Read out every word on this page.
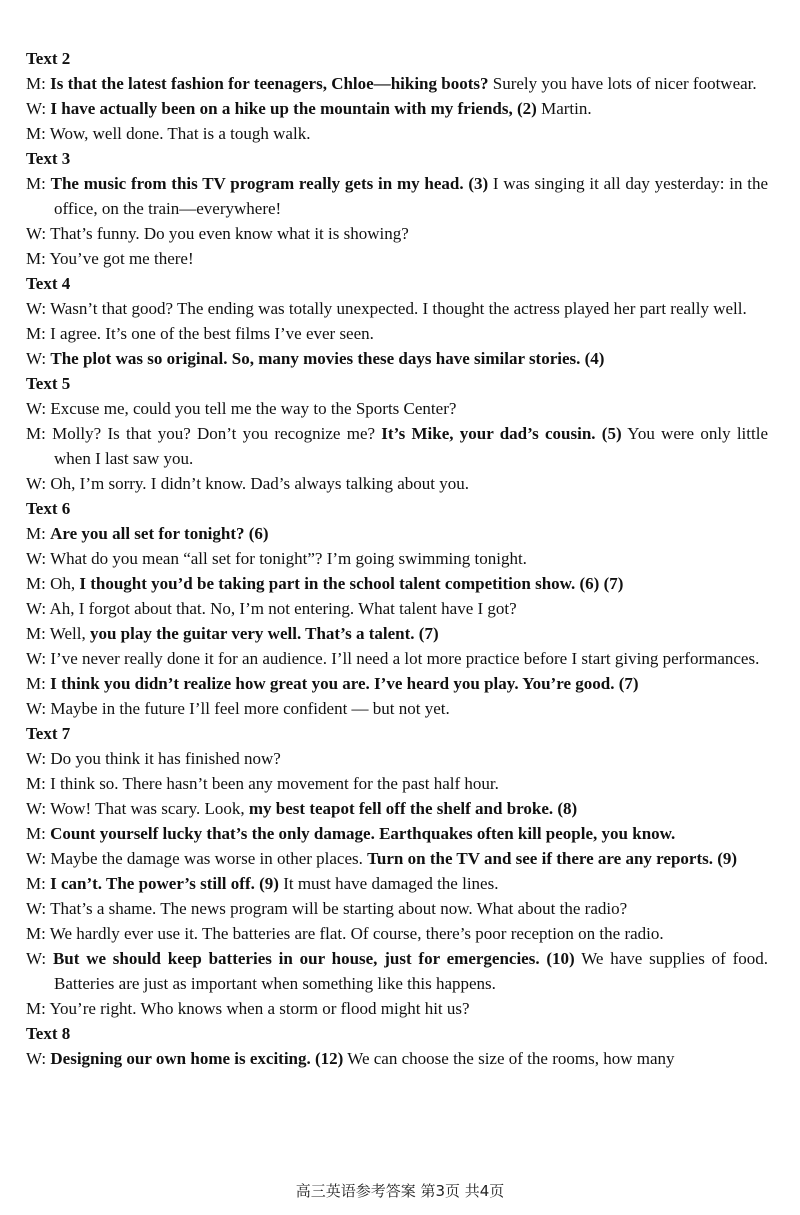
Text 2
M: Is that the latest fashion for teenagers, Chloe—hiking boots? Surely you have lots of nicer footwear.
W: I have actually been on a hike up the mountain with my friends, (2) Martin.
M: Wow, well done. That is a tough walk.
Text 3
M: The music from this TV program really gets in my head. (3) I was singing it all day yesterday: in the office, on the train—everywhere!
W: That’s funny. Do you even know what it is showing?
M: You’ve got me there!
Text 4
W: Wasn’t that good? The ending was totally unexpected. I thought the actress played her part really well.
M: I agree. It’s one of the best films I’ve ever seen.
W: The plot was so original. So, many movies these days have similar stories. (4)
Text 5
W: Excuse me, could you tell me the way to the Sports Center?
M: Molly? Is that you? Don’t you recognize me? It’s Mike, your dad’s cousin. (5) You were only little when I last saw you.
W: Oh, I’m sorry. I didn’t know. Dad’s always talking about you.
Text 6
M: Are you all set for tonight? (6)
W: What do you mean “all set for tonight”? I’m going swimming tonight.
M: Oh, I thought you’d be taking part in the school talent competition show. (6) (7)
W: Ah, I forgot about that. No, I’m not entering. What talent have I got?
M: Well, you play the guitar very well. That’s a talent. (7)
W: I’ve never really done it for an audience. I’ll need a lot more practice before I start giving performances.
M: I think you didn’t realize how great you are. I’ve heard you play. You’re good. (7)
W: Maybe in the future I’ll feel more confident — but not yet.
Text 7
W: Do you think it has finished now?
M: I think so. There hasn’t been any movement for the past half hour.
W: Wow! That was scary. Look, my best teapot fell off the shelf and broke. (8)
M: Count yourself lucky that’s the only damage. Earthquakes often kill people, you know.
W: Maybe the damage was worse in other places. Turn on the TV and see if there are any reports. (9)
M: I can’t. The power’s still off. (9) It must have damaged the lines.
W: That’s a shame. The news program will be starting about now. What about the radio?
M: We hardly ever use it. The batteries are flat. Of course, there’s poor reception on the radio.
W: But we should keep batteries in our house, just for emergencies. (10) We have supplies of food. Batteries are just as important when something like this happens.
M: You’re right. Who knows when a storm or flood might hit us?
Text 8
W: Designing our own home is exciting. (12) We can choose the size of the rooms, how many
高三英语参考答案 第3页 共4页
